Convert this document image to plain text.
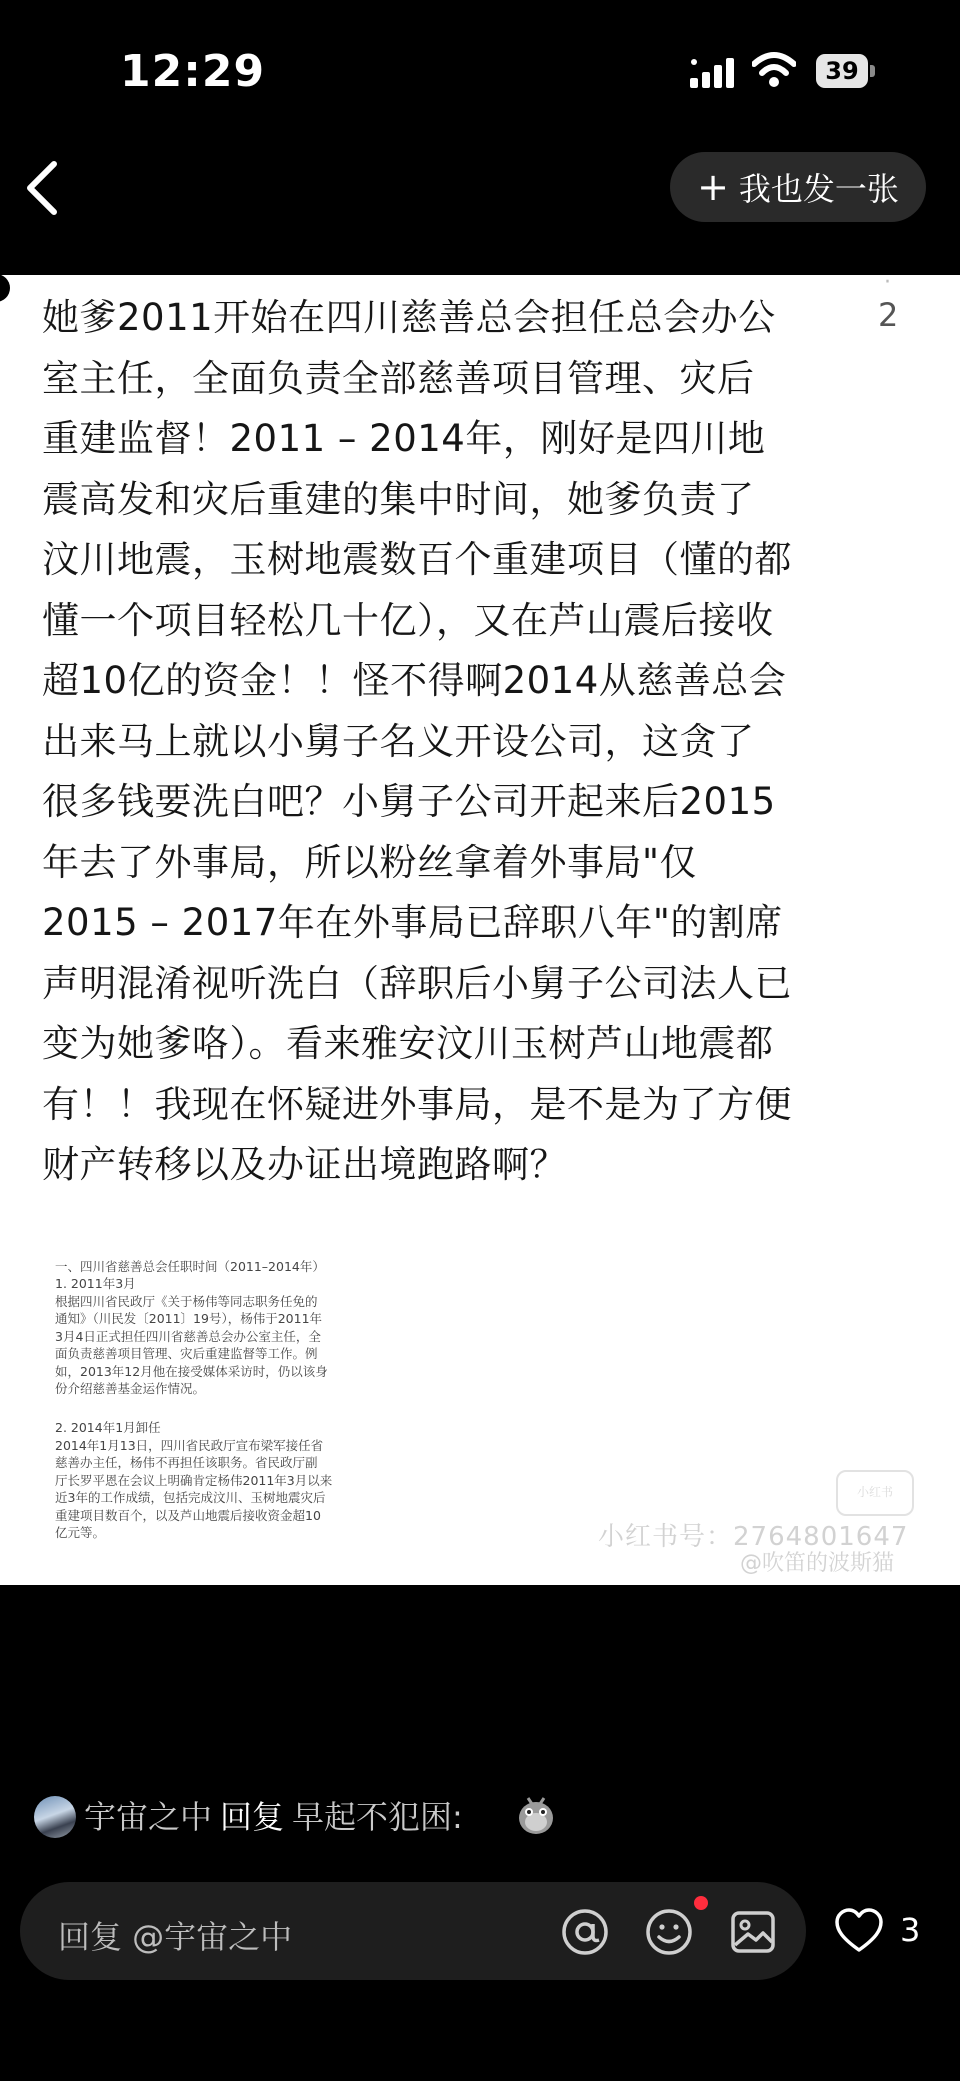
12:29	39
+ 我也发一张
·
2
她爹2011开始在四川慈善总会担任总会办公
室主任，全面负责全部慈善项目管理、灾后
重建监督！2011 – 2014年，刚好是四川地
震高发和灾后重建的集中时间，她爹负责了
汶川地震，玉树地震数百个重建项目（懂的都
懂一个项目轻松几十亿），又在芦山震后接收
超10亿的资金！！怪不得啊2014从慈善总会
出来马上就以小舅子名义开设公司，这贪了
很多钱要洗白吧？小舅子公司开起来后2015
年去了外事局，所以粉丝拿着外事局"仅
2015 – 2017年在外事局已辞职八年"的割席
声明混淆视听洗白（辞职后小舅子公司法人已
变为她爹咯）。看来雅安汶川玉树芦山地震都
有！！我现在怀疑进外事局，是不是为了方便
财产转移以及办证出境跑路啊？

一、四川省慈善总会任职时间（2011–2014年）
1. 2011年3月
根据四川省民政厅《关于杨伟等同志职务任免的
通知》（川民发〔2011〕19号），杨伟于2011年
3月4日正式担任四川省慈善总会办公室主任，全
面负责慈善项目管理、灾后重建监督等工作。例
如，2013年12月他在接受媒体采访时，仍以该身
份介绍慈善基金运作情况。

2. 2014年1月卸任
2014年1月13日，四川省民政厅宣布梁军接任省
慈善办主任，杨伟不再担任该职务。省民政厅副
厅长罗平恩在会议上明确肯定杨伟2011年3月以来
近3年的工作成绩，包括完成汶川、玉树地震灾后
重建项目数百个，以及芦山地震后接收资金超10
亿元等。

小红书
小红书号：2764801647
@吹笛的波斯猫
宇宙之中 回复 早起不犯困:
回复 @宇宙之中	3
